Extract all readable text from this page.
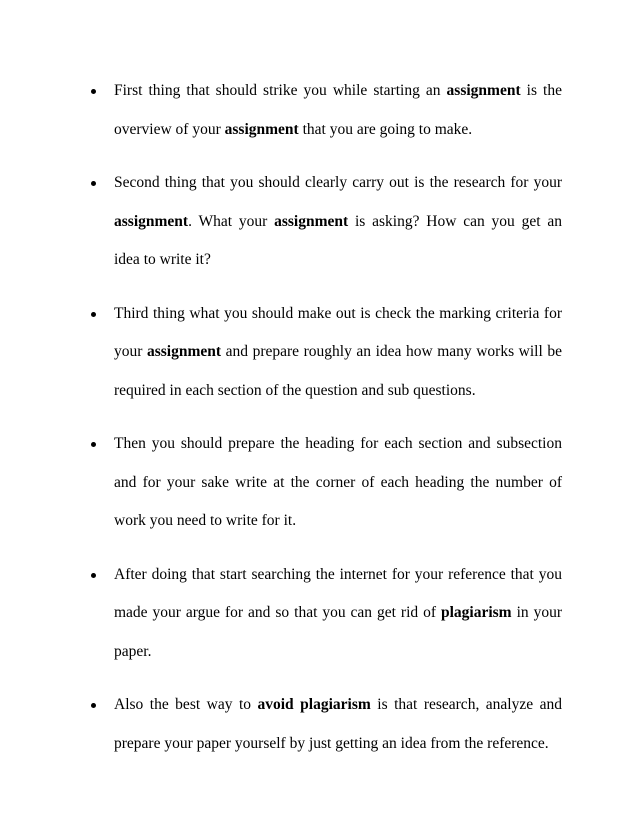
First thing that should strike you while starting an assignment is the overview of your assignment that you are going to make.
Second thing that you should clearly carry out is the research for your assignment. What your assignment is asking? How can you get an idea to write it?
Third thing what you should make out is check the marking criteria for your assignment and prepare roughly an idea how many works will be required in each section of the question and sub questions.
Then you should prepare the heading for each section and subsection and for your sake write at the corner of each heading the number of work you need to write for it.
After doing that start searching the internet for your reference that you made your argue for and so that you can get rid of plagiarism in your paper.
Also the best way to avoid plagiarism is that research, analyze and prepare your paper yourself by just getting an idea from the reference.
